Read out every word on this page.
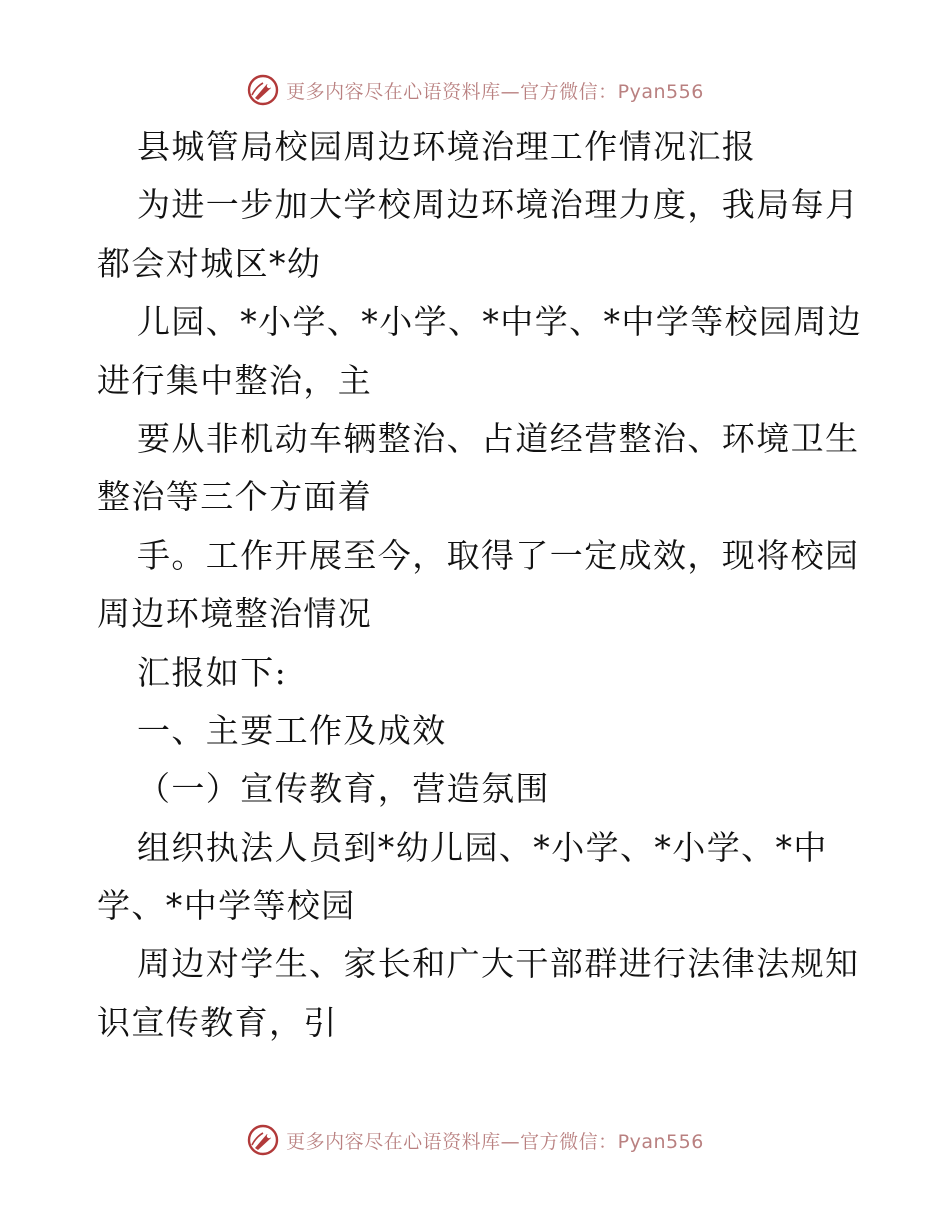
更多内容尽在心语资料库—官方微信：Pyan556
县城管局校园周边环境治理工作情况汇报
为进一步加大学校周边环境治理力度，我局每月
都会对城区*幼
儿园、*小学、*小学、*中学、*中学等校园周边
进行集中整治，主
要从非机动车辆整治、占道经营整治、环境卫生
整治等三个方面着
手。工作开展至今，取得了一定成效，现将校园
周边环境整治情况
汇报如下:
一、主要工作及成效
（一）宣传教育，营造氛围
组织执法人员到*幼儿园、*小学、*小学、*中
学、*中学等校园
周边对学生、家长和广大干部群进行法律法规知
识宣传教育，引
更多内容尽在心语资料库—官方微信：Pyan556
